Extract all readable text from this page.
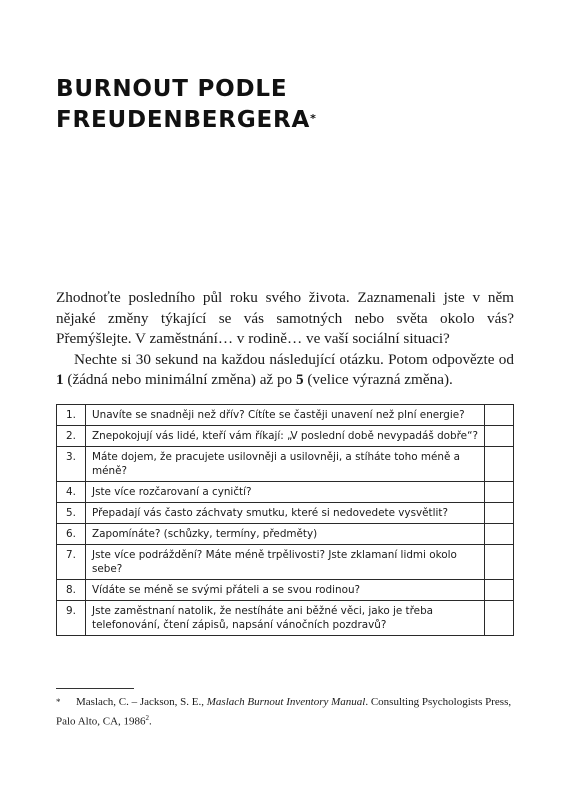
BURNOUT PODLE
FREUDENBERGERA*

Zhodnoťte posledního půl roku svého života. Zaznamenali jste v něm nějaké změny týkající se vás samotných nebo světa okolo vás? Přemýšlejte. V zaměstnání… v rodině… ve vaší sociální situaci?

Nechte si 30 sekund na každou následující otázku. Potom odpovězte od 1 (žádná nebo minimální změna) až po 5 (velice výrazná změna).

1.	Unavíte se snadněji než dřív? Cítíte se častěji unavení než plní energie?	
2.	Znepokojují vás lidé, kteří vám říkají: „V poslední době nevypadáš dobře“?	
3.	Máte dojem, že pracujete usilovněji a usilovněji, a stíháte toho méně a méně?	
4.	Jste více rozčarovaní a cyničtí?	
5.	Přepadají vás často záchvaty smutku, které si nedovedete vysvětlit?	
6.	Zapomínáte? (schůzky, termíny, předměty)	
7.	Jste více podráždění? Máte méně trpělivosti? Jste zklamaní lidmi okolo sebe?	
8.	Vídáte se méně se svými přáteli a se svou rodinou?	
9.	Jste zaměstnaní natolik, že nestíháte ani běžné věci, jako je třeba telefonování, čtení zápisů, napsání vánočních pozdravů?	

* Maslach, C. – Jackson, S. E., Maslach Burnout Inventory Manual. Consulting Psychologists Press, Palo Alto, CA, 1986$^2$.
